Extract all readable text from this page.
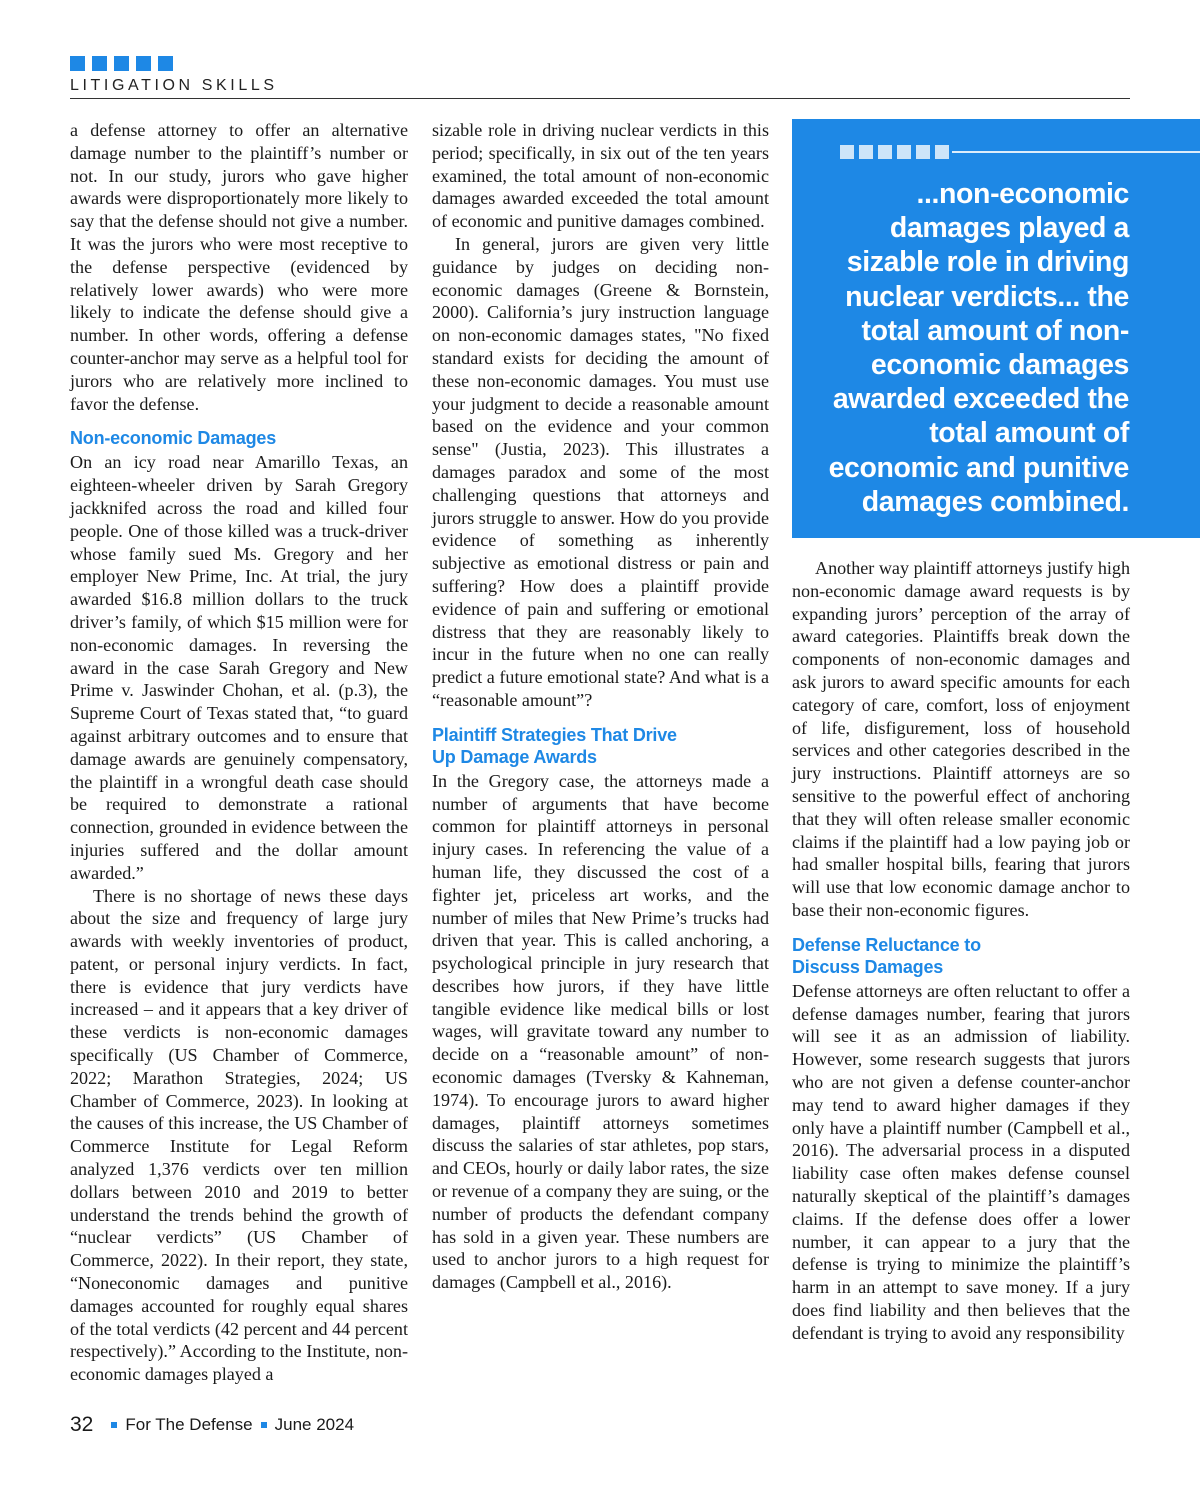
LITIGATION SKILLS

a defense attorney to offer an alternative damage number to the plaintiff’s number or not. In our study, jurors who gave higher awards were disproportionately more likely to say that the defense should not give a number. It was the jurors who were most receptive to the defense perspective (evidenced by relatively lower awards) who were more likely to indicate the defense should give a number. In other words, offering a defense counter-anchor may serve as a helpful tool for jurors who are relatively more inclined to favor the defense.

Non-economic Damages

On an icy road near Amarillo Texas, an eighteen-wheeler driven by Sarah Gregory jackknifed across the road and killed four people. One of those killed was a truck-driver whose family sued Ms. Gregory and her employer New Prime, Inc. At trial, the jury awarded $16.8 million dollars to the truck driver’s family, of which $15 million were for non-economic damages. In reversing the award in the case Sarah Gregory and New Prime v. Jaswinder Chohan, et al. (p.3), the Supreme Court of Texas stated that, “to guard against arbitrary outcomes and to ensure that damage awards are genuinely compensatory, the plaintiff in a wrongful death case should be required to demonstrate a rational connection, grounded in evidence between the injuries suffered and the dollar amount awarded.”

There is no shortage of news these days about the size and frequency of large jury awards with weekly inventories of product, patent, or personal injury verdicts. In fact, there is evidence that jury verdicts have increased – and it appears that a key driver of these verdicts is non-economic damages specifically (US Chamber of Commerce, 2022; Marathon Strategies, 2024; US Chamber of Commerce, 2023). In looking at the causes of this increase, the US Chamber of Commerce Institute for Legal Reform analyzed 1,376 verdicts over ten million dollars between 2010 and 2019 to better understand the trends behind the growth of “nuclear verdicts” (US Chamber of Commerce, 2022). In their report, they state, “Noneconomic damages and punitive damages accounted for roughly equal shares of the total verdicts (42 percent and 44 percent respectively).” According to the Institute, non-economic damages played a

sizable role in driving nuclear verdicts in this period; specifically, in six out of the ten years examined, the total amount of non-economic damages awarded exceeded the total amount of economic and punitive damages combined.

In general, jurors are given very little guidance by judges on deciding non-economic damages (Greene & Bornstein, 2000). California’s jury instruction language on non-economic damages states, "No fixed standard exists for deciding the amount of these non-economic damages. You must use your judgment to decide a reasonable amount based on the evidence and your common sense" (Justia, 2023). This illustrates a damages paradox and some of the most challenging questions that attorneys and jurors struggle to answer. How do you provide evidence of something as inherently subjective as emotional distress or pain and suffering? How does a plaintiff provide evidence of pain and suffering or emotional distress that they are reasonably likely to incur in the future when no one can really predict a future emotional state? And what is a “reasonable amount”?

Plaintiff Strategies That Drive
Up Damage Awards

In the Gregory case, the attorneys made a number of arguments that have become common for plaintiff attorneys in personal injury cases. In referencing the value of a human life, they discussed the cost of a fighter jet, priceless art works, and the number of miles that New Prime’s trucks had driven that year. This is called anchoring, a psychological principle in jury research that describes how jurors, if they have little tangible evidence like medical bills or lost wages, will gravitate toward any number to decide on a “reasonable amount” of non-economic damages (Tversky & Kahneman, 1974). To encourage jurors to award higher damages, plaintiff attorneys sometimes discuss the salaries of star athletes, pop stars, and CEOs, hourly or daily labor rates, the size or revenue of a company they are suing, or the number of products the defendant company has sold in a given year. These numbers are used to anchor jurors to a high request for damages (Campbell et al., 2016).

...non-economic damages played a sizable role in driving nuclear verdicts... the total amount of non-economic damages awarded exceeded the total amount of economic and punitive damages combined.

Another way plaintiff attorneys justify high non-economic damage award requests is by expanding jurors’ perception of the array of award categories. Plaintiffs break down the components of non-economic damages and ask jurors to award specific amounts for each category of care, comfort, loss of enjoyment of life, disfigurement, loss of household services and other categories described in the jury instructions. Plaintiff attorneys are so sensitive to the powerful effect of anchoring that they will often release smaller economic claims if the plaintiff had a low paying job or had smaller hospital bills, fearing that jurors will use that low economic damage anchor to base their non-economic figures.

Defense Reluctance to
Discuss Damages

Defense attorneys are often reluctant to offer a defense damages number, fearing that jurors will see it as an admission of liability. However, some research suggests that jurors who are not given a defense counter-anchor may tend to award higher damages if they only have a plaintiff number (Campbell et al., 2016). The adversarial process in a disputed liability case often makes defense counsel naturally skeptical of the plaintiff’s damages claims. If the defense does offer a lower number, it can appear to a jury that the defense is trying to minimize the plaintiff’s harm in an attempt to save money. If a jury does find liability and then believes that the defendant is trying to avoid any responsibility

32 For The Defense June 2024
